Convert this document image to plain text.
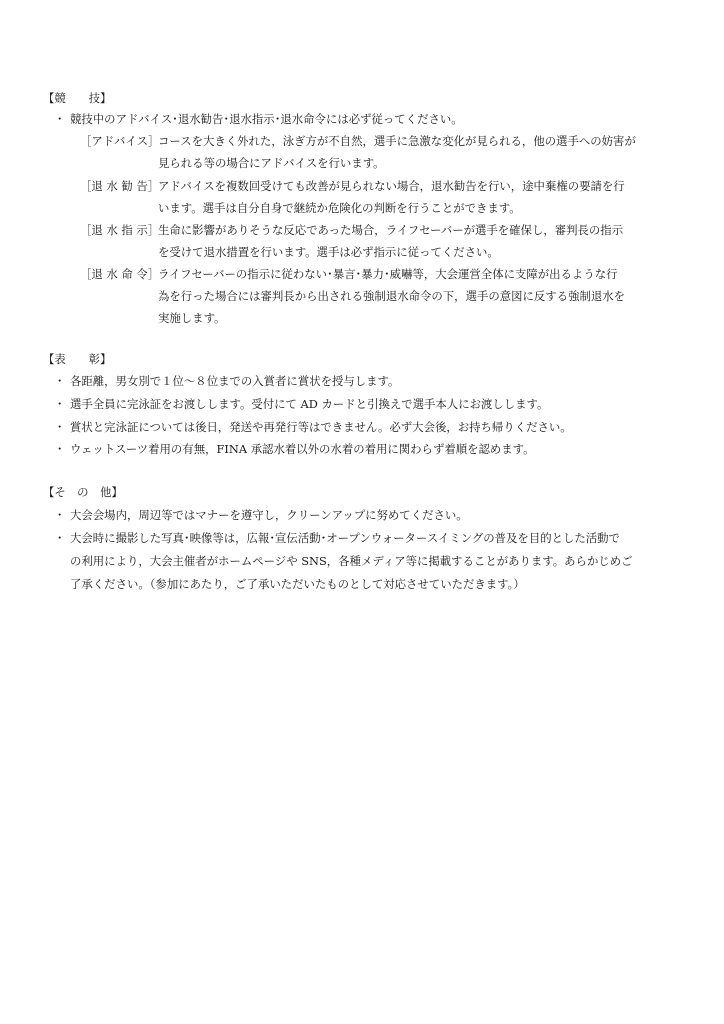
【競　　技】
・ 競技中のアドバイス･退水勧告･退水指示･退水命令には必ず従ってください。
［アドバイス］
コースを大きく外れた，泳ぎ方が不自然，選手に急激な変化が見られる，他の選手への妨害が
見られる等の場合にアドバイスを行います。
［退 水 勧 告］
アドバイスを複数回受けても改善が見られない場合，退水勧告を行い，途中棄権の要請を行
います。選手は自分自身で継続か危険化の判断を行うことができます。
［退 水 指 示］
生命に影響がありそうな反応であった場合，ライフセーバーが選手を確保し，審判長の指示
を受けて退水措置を行います。選手は必ず指示に従ってください。
［退 水 命 令］
ライフセーバーの指示に従わない･暴言･暴力･威嚇等，大会運営全体に支障が出るような行
為を行った場合には審判長から出される強制退水命令の下，選手の意図に反する強制退水を
実施します。
【表　　彰】
・ 各距離，男女別で１位～８位までの入賞者に賞状を授与します。
・ 選手全員に完泳証をお渡しします。受付にて AD カードと引換えで選手本人にお渡しします。
・ 賞状と完泳証については後日，発送や再発行等はできません。必ず大会後，お持ち帰りください。
・ ウェットスーツ着用の有無，FINA 承認水着以外の水着の着用に関わらず着順を認めます。
【そ　の　他】
・ 大会会場内，周辺等ではマナーを遵守し，クリーンアップに努めてください。
・ 大会時に撮影した写真･映像等は，広報･宣伝活動･オープンウォータースイミングの普及を目的とした活動で
の利用により，大会主催者がホームページや SNS，各種メディア等に掲載することがあります。あらかじめご
了承ください。（参加にあたり，ご了承いただいたものとして対応させていただきます。）
